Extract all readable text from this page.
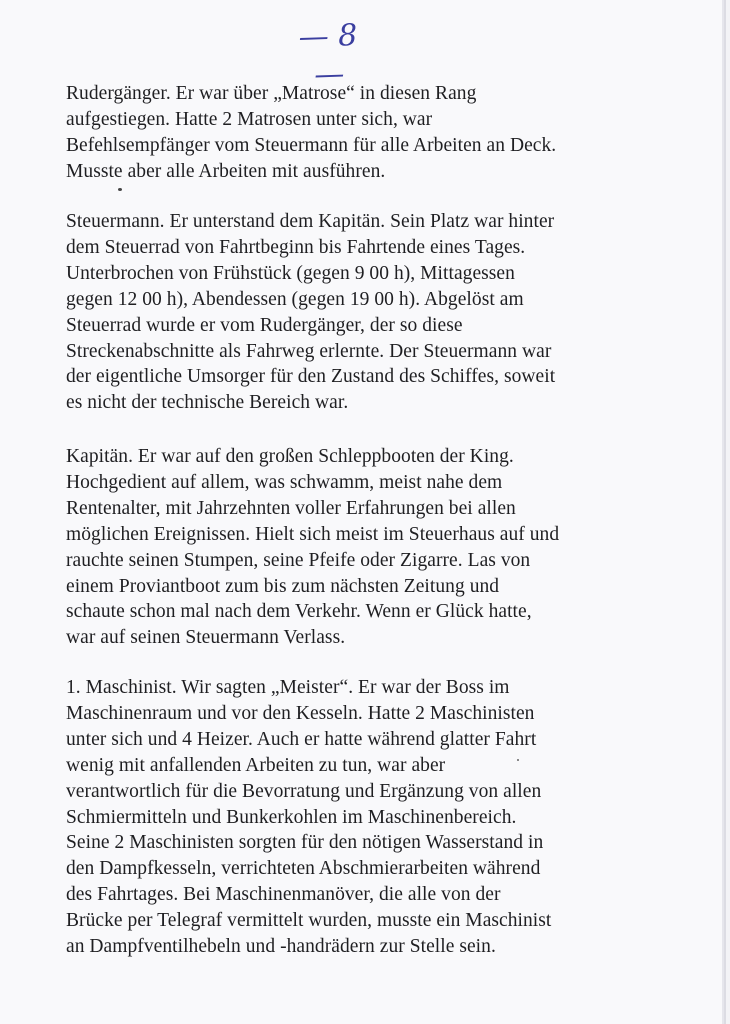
— 8 —

Rudergänger. Er war über „Matrose“ in diesen Rang
aufgestiegen. Hatte 2 Matrosen unter sich, war
Befehlsempfänger vom Steuermann für alle Arbeiten an Deck.
Musste aber alle Arbeiten mit ausführen.

Steuermann. Er unterstand dem Kapitän. Sein Platz war hinter
dem Steuerrad von Fahrtbeginn bis Fahrtende eines Tages.
Unterbrochen von Frühstück (gegen 9 00 h), Mittagessen
gegen 12 00 h), Abendessen (gegen 19 00 h). Abgelöst am
Steuerrad wurde er vom Rudergänger, der so diese
Streckenabschnitte als Fahrweg erlernte. Der Steuermann war
der eigentliche Umsorger für den Zustand des Schiffes, soweit
es nicht der technische Bereich war.

Kapitän. Er war auf den großen Schleppbooten der King.
Hochgedient auf allem, was schwamm, meist nahe dem
Rentenalter, mit Jahrzehnten voller Erfahrungen bei allen
möglichen Ereignissen. Hielt sich meist im Steuerhaus auf und
rauchte seinen Stumpen, seine Pfeife oder Zigarre. Las von
einem Proviantboot zum bis zum nächsten Zeitung und
schaute schon mal nach dem Verkehr. Wenn er Glück hatte,
war auf seinen Steuermann Verlass.

1. Maschinist. Wir sagten „Meister“. Er war der Boss im
Maschinenraum und vor den Kesseln. Hatte 2 Maschinisten
unter sich und 4 Heizer. Auch er hatte während glatter Fahrt
wenig mit anfallenden Arbeiten zu tun, war aber
verantwortlich für die Bevorratung und Ergänzung von allen
Schmiermitteln und Bunkerkohlen im Maschinenbereich.
Seine 2 Maschinisten sorgten für den nötigen Wasserstand in
den Dampfkesseln, verrichteten Abschmierarbeiten während
des Fahrtages. Bei Maschinenmanöver, die alle von der
Brücke per Telegraf vermittelt wurden, musste ein Maschinist
an Dampfventilhebeln und -handrädern zur Stelle sein.
